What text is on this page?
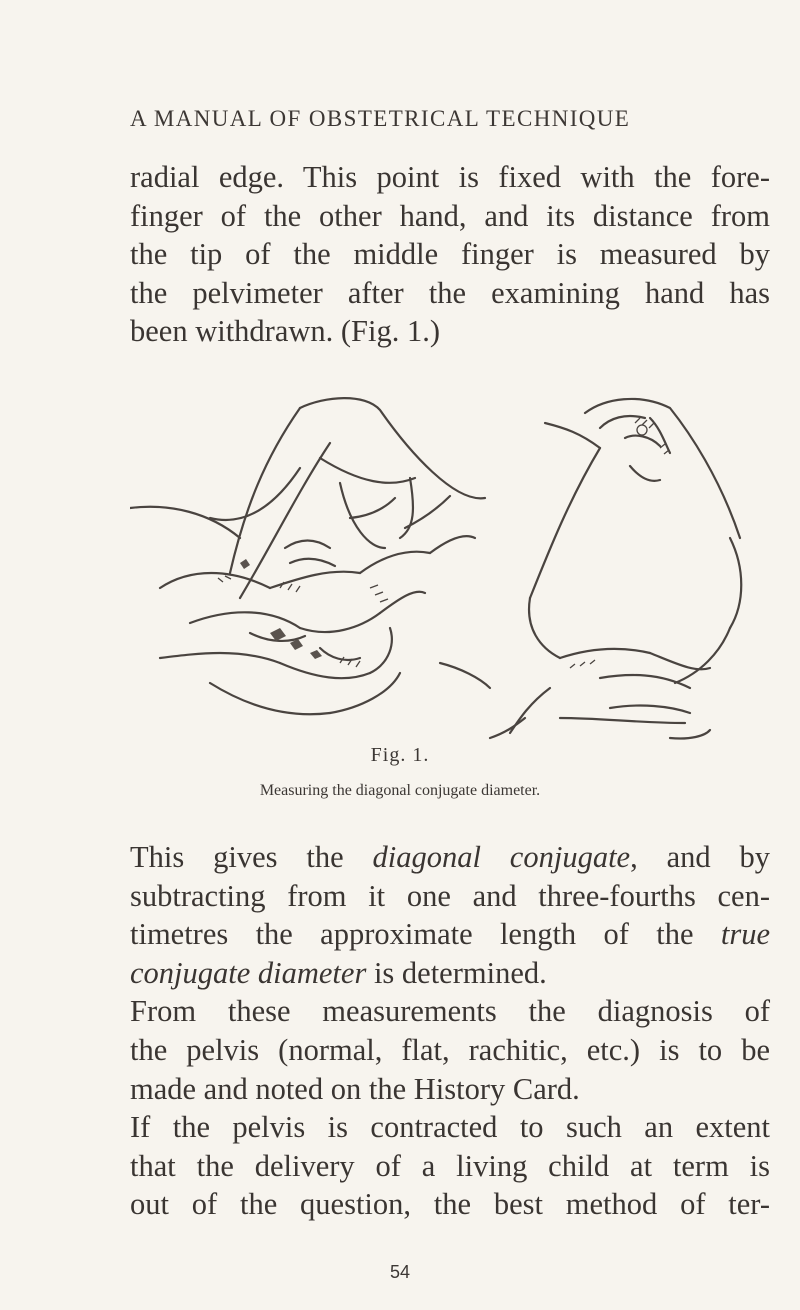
A MANUAL OF OBSTETRICAL TECHNIQUE
radial edge. This point is fixed with the fore-
finger of the other hand, and its distance from
the tip of the middle finger is measured by
the pelvimeter after the examining hand has
been withdrawn. (Fig. 1.)
Fig. 1.
Measuring the diagonal conjugate diameter.
This gives the diagonal conjugate, and by
subtracting from it one and three-fourths cen-
timetres the approximate length of the true
conjugate diameter is determined.
From these measurements the diagnosis of
the pelvis (normal, flat, rachitic, etc.) is to be
made and noted on the History Card.
If the pelvis is contracted to such an extent
that the delivery of a living child at term is
out of the question, the best method of ter-
54
